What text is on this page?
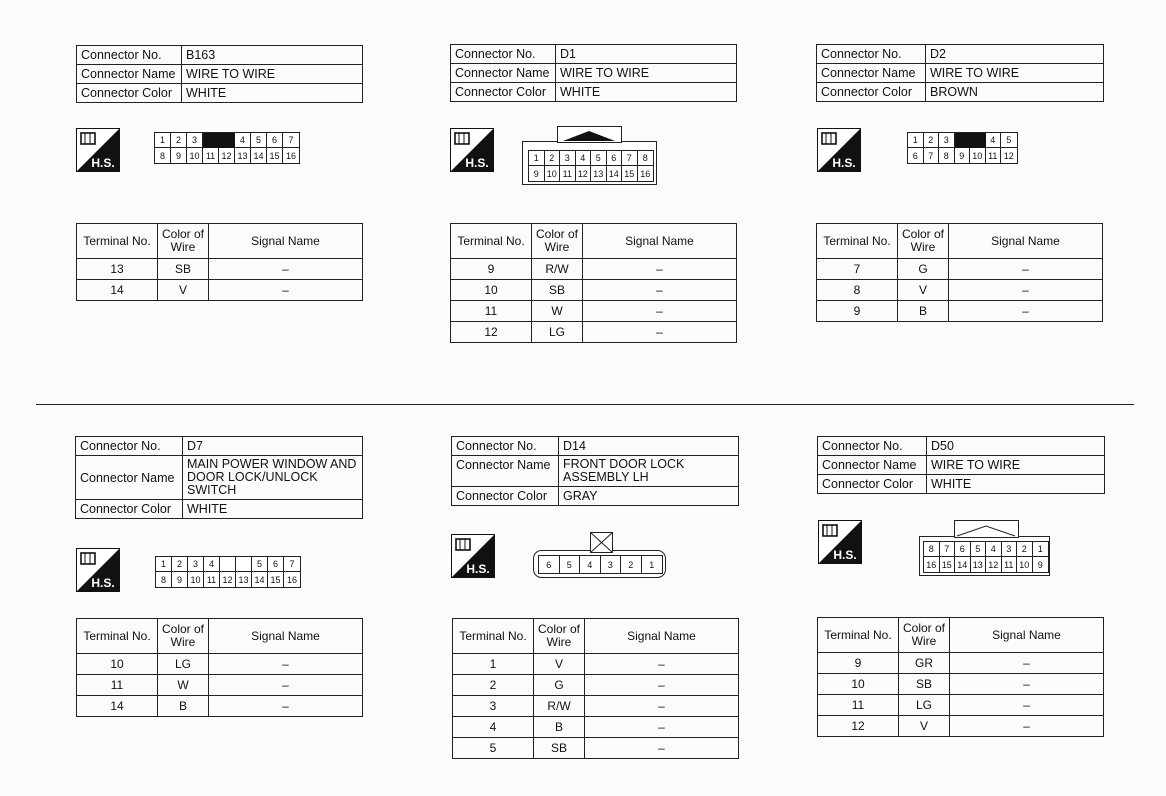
Connector No.	B163
Connector Name	WIRE TO WIRE
Connector Color	WHITE
H.S.
1	2	3	4	5	6	7
8	9 10 11 12 13 14 15 16
Terminal No.	Color of Wire	Signal Name
13	SB	–
14	V	–
Connector No.	D1
Connector Name	WIRE TO WIRE
Connector Color	WHITE
H.S.	1	2	3	4	5	6	7	8
9 10 11 12 13 14 15 16
Terminal No.	Color of Wire	Signal Name
9	R/W	–
10	SB	–
11	W	–
12	LG	–
Connector No.	D2
Connector Name	WIRE TO WIRE
Connector Color	BROWN
H.S.
1	2	3	4	5
6	7	8	9 10 11 12
Terminal No.	Color of Wire	Signal Name
7	G	–
8	V	–
9	B	–
Connector No.	D7
Connector Name	MAIN POWER WINDOW AND DOOR LOCK/UNLOCK SWITCH
Connector Color	WHITE
H.S.
1	2	3	4	5	6	7
8	9 10 11 12 13 14 15 16
Terminal No.	Color of Wire	Signal Name
10	LG	–
11	W	–
14	B	–
Connector No.	D14
Connector Name	FRONT DOOR LOCK ASSEMBLY LH
Connector Color	GRAY
H.S.	6	5	4	3	2	1
Terminal No.	Color of Wire	Signal Name
1	V	–
2	G	–
3	R/W	–
4	B	–
5	SB	–
Connector No.	D50
Connector Name	WIRE TO WIRE
Connector Color	WHITE
H.S.	8	7	6	5	4	3	2	1
16 15 14 13 12 11 10 9
Terminal No.	Color of Wire	Signal Name
9	GR	–
10	SB	–
11	LG	–
12	V	–
